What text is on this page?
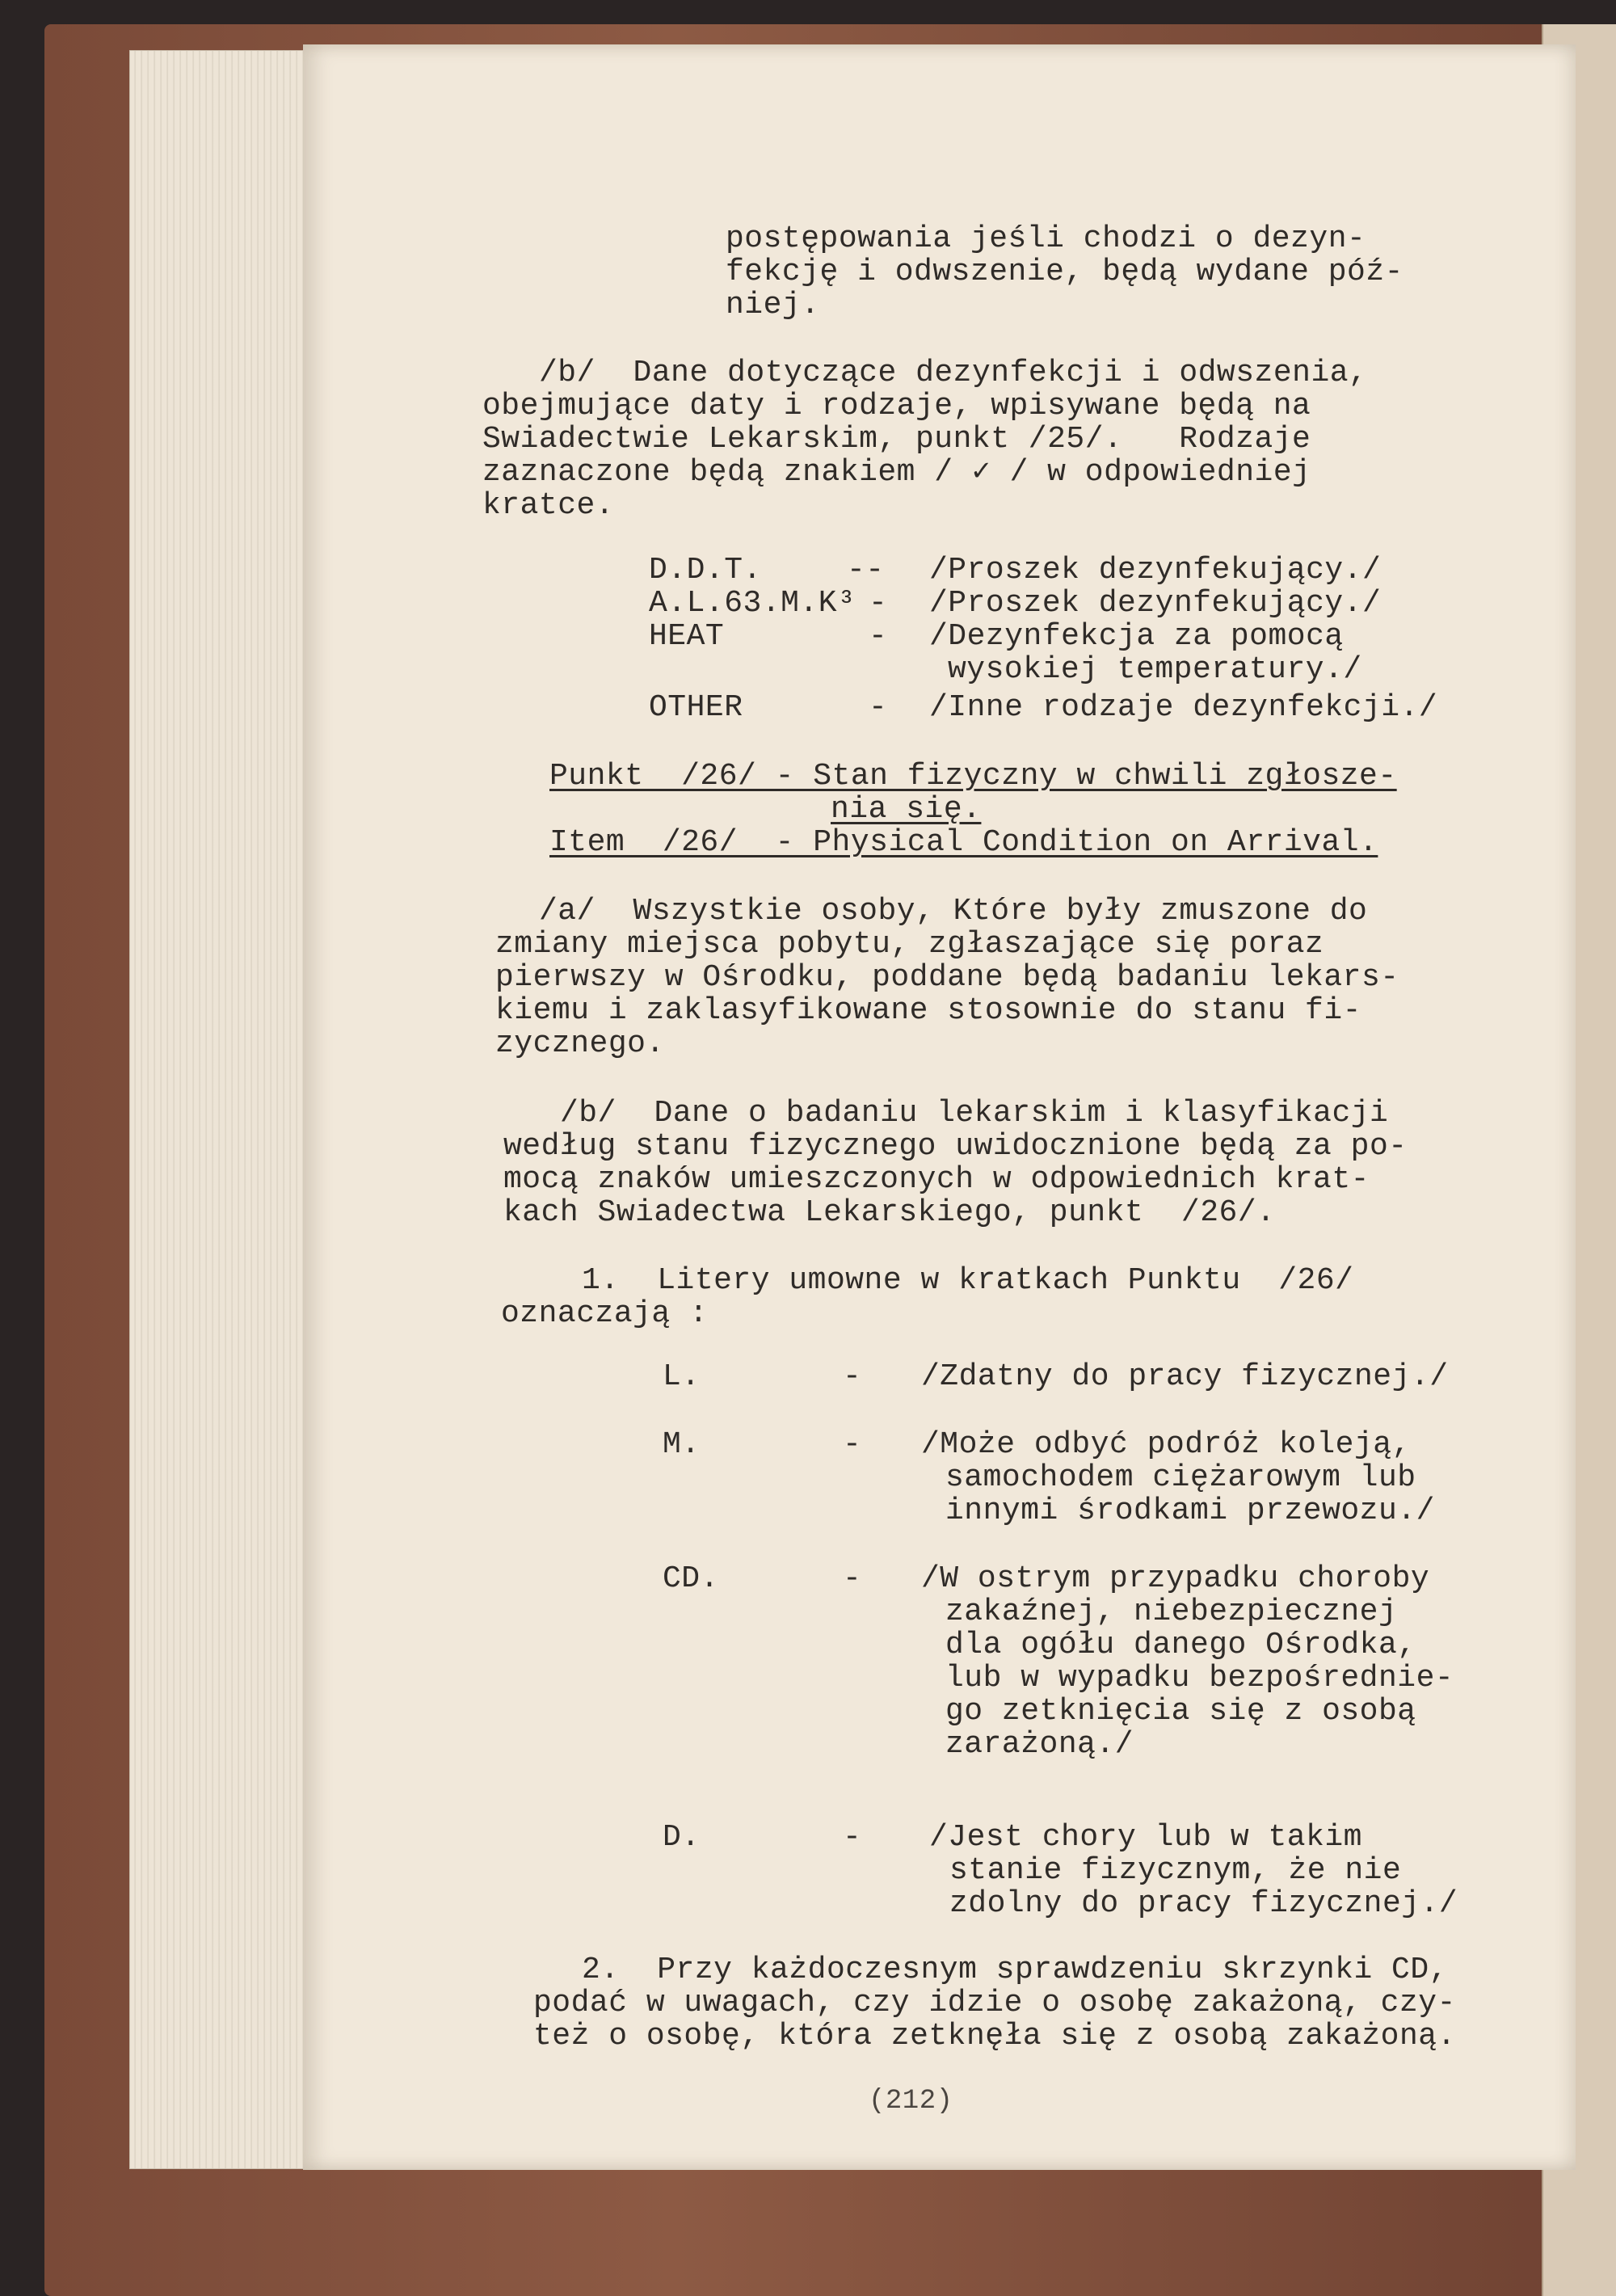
postępowania jeśli chodzi o dezyn-

fekcję i odwszenie, będą wydane póź-

niej.

/b/  Dane dotyczące dezynfekcji i odwszenia,

obejmujące daty i rodzaje, wpisywane będą na

Swiadectwie Lekarskim, punkt /25/.   Rodzaje

zaznaczone będą znakiem / ✓ / w odpowiedniej

kratce.

D.D.T.	-- /Proszek dezynfekujący./

A.L.63.M.K³ - /Proszek dezynfekujący./

HEAT	- /Dezynfekcja za pomocą

wysokiej temperatury./

OTHER	- /Inne rodzaje dezynfekcji./

Punkt  /26/ - Stan fizyczny w chwili zgłosze-

nia się.

Item  /26/  - Physical Condition on Arrival.

/a/  Wszystkie osoby, Które były zmuszone do

zmiany miejsca pobytu, zgłaszające się poraz

pierwszy w Ośrodku, poddane będą badaniu lekars-

kiemu i zaklasyfikowane stosownie do stanu fi-

zycznego.

/b/  Dane o badaniu lekarskim i klasyfikacji

według stanu fizycznego uwidocznione będą za po-

mocą znaków umieszczonych w odpowiednich krat-

kach Swiadectwa Lekarskiego, punkt  /26/.

1.  Litery umowne w kratkach Punktu  /26/

oznaczają :

L.	- /Zdatny do pracy fizycznej./

M.	- /Może odbyć podróż koleją,

samochodem ciężarowym lub

innymi środkami przewozu./

CD.	- /W ostrym przypadku choroby

zakaźnej, niebezpiecznej

dla ogółu danego Ośrodka,

lub w wypadku bezpośrednie-

go zetknięcia się z osobą

zarażoną./

D.	- /Jest chory lub w takim

stanie fizycznym, że nie

zdolny do pracy fizycznej./

2.  Przy każdoczesnym sprawdzeniu skrzynki CD,

podać w uwagach, czy idzie o osobę zakażoną, czy-

też o osobę, która zetknęła się z osobą zakażoną.

(212)
